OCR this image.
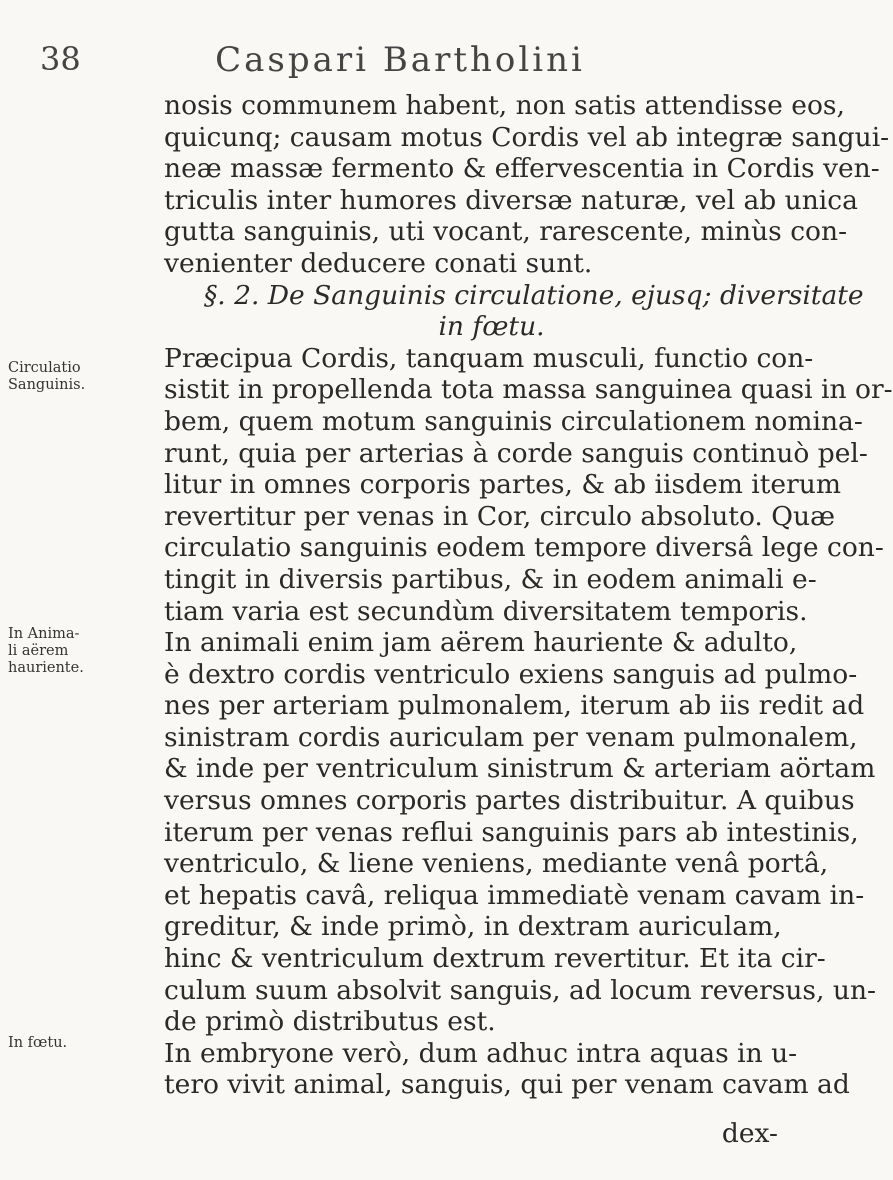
38	Caspari Bartholini
nosis communem habent, non satis attendisse eos,
quicunq; causam motus Cordis vel ab integræ sangui-
neæ massæ fermento & effervescentia in Cordis ven-
triculis inter humores diversæ naturæ, vel ab unica
gutta sanguinis, uti vocant, rarescente, minùs con-
venienter deducere conati sunt.
§. 2. De Sanguinis circulatione, ejusq; diversitate
in fœtu.
Præcipua Cordis, tanquam musculi, functio con-
sistit in propellenda tota massa sanguinea quasi in or-
bem, quem motum sanguinis circulationem nomina-
runt, quia per arterias à corde sanguis continuò pel-
litur in omnes corporis partes, & ab iisdem iterum
revertitur per venas in Cor, circulo absoluto. Quæ
circulatio sanguinis eodem tempore diversâ lege con-
tingit in diversis partibus, & in eodem animali e-
tiam varia est secundùm diversitatem temporis.
In animali enim jam aërem hauriente & adulto,
è dextro cordis ventriculo exiens sanguis ad pulmo-
nes per arteriam pulmonalem, iterum ab iis redit ad
sinistram cordis auriculam per venam pulmonalem,
& inde per ventriculum sinistrum & arteriam aörtam
versus omnes corporis partes distribuitur. A quibus
iterum per venas reflui sanguinis pars ab intestinis,
ventriculo, & liene veniens, mediante venâ portâ,
et hepatis cavâ, reliqua immediatè venam cavam in-
greditur, & inde primò, in dextram auriculam,
hinc & ventriculum dextrum revertitur. Et ita cir-
culum suum absolvit sanguis, ad locum reversus, un-
de primò distributus est.
In embryone verò, dum adhuc intra aquas in u-
tero vivit animal, sanguis, qui per venam cavam ad
Circulatio
Sanguinis.
In Anima-
li aërem
hauriente.
In fœtu.
dex-
